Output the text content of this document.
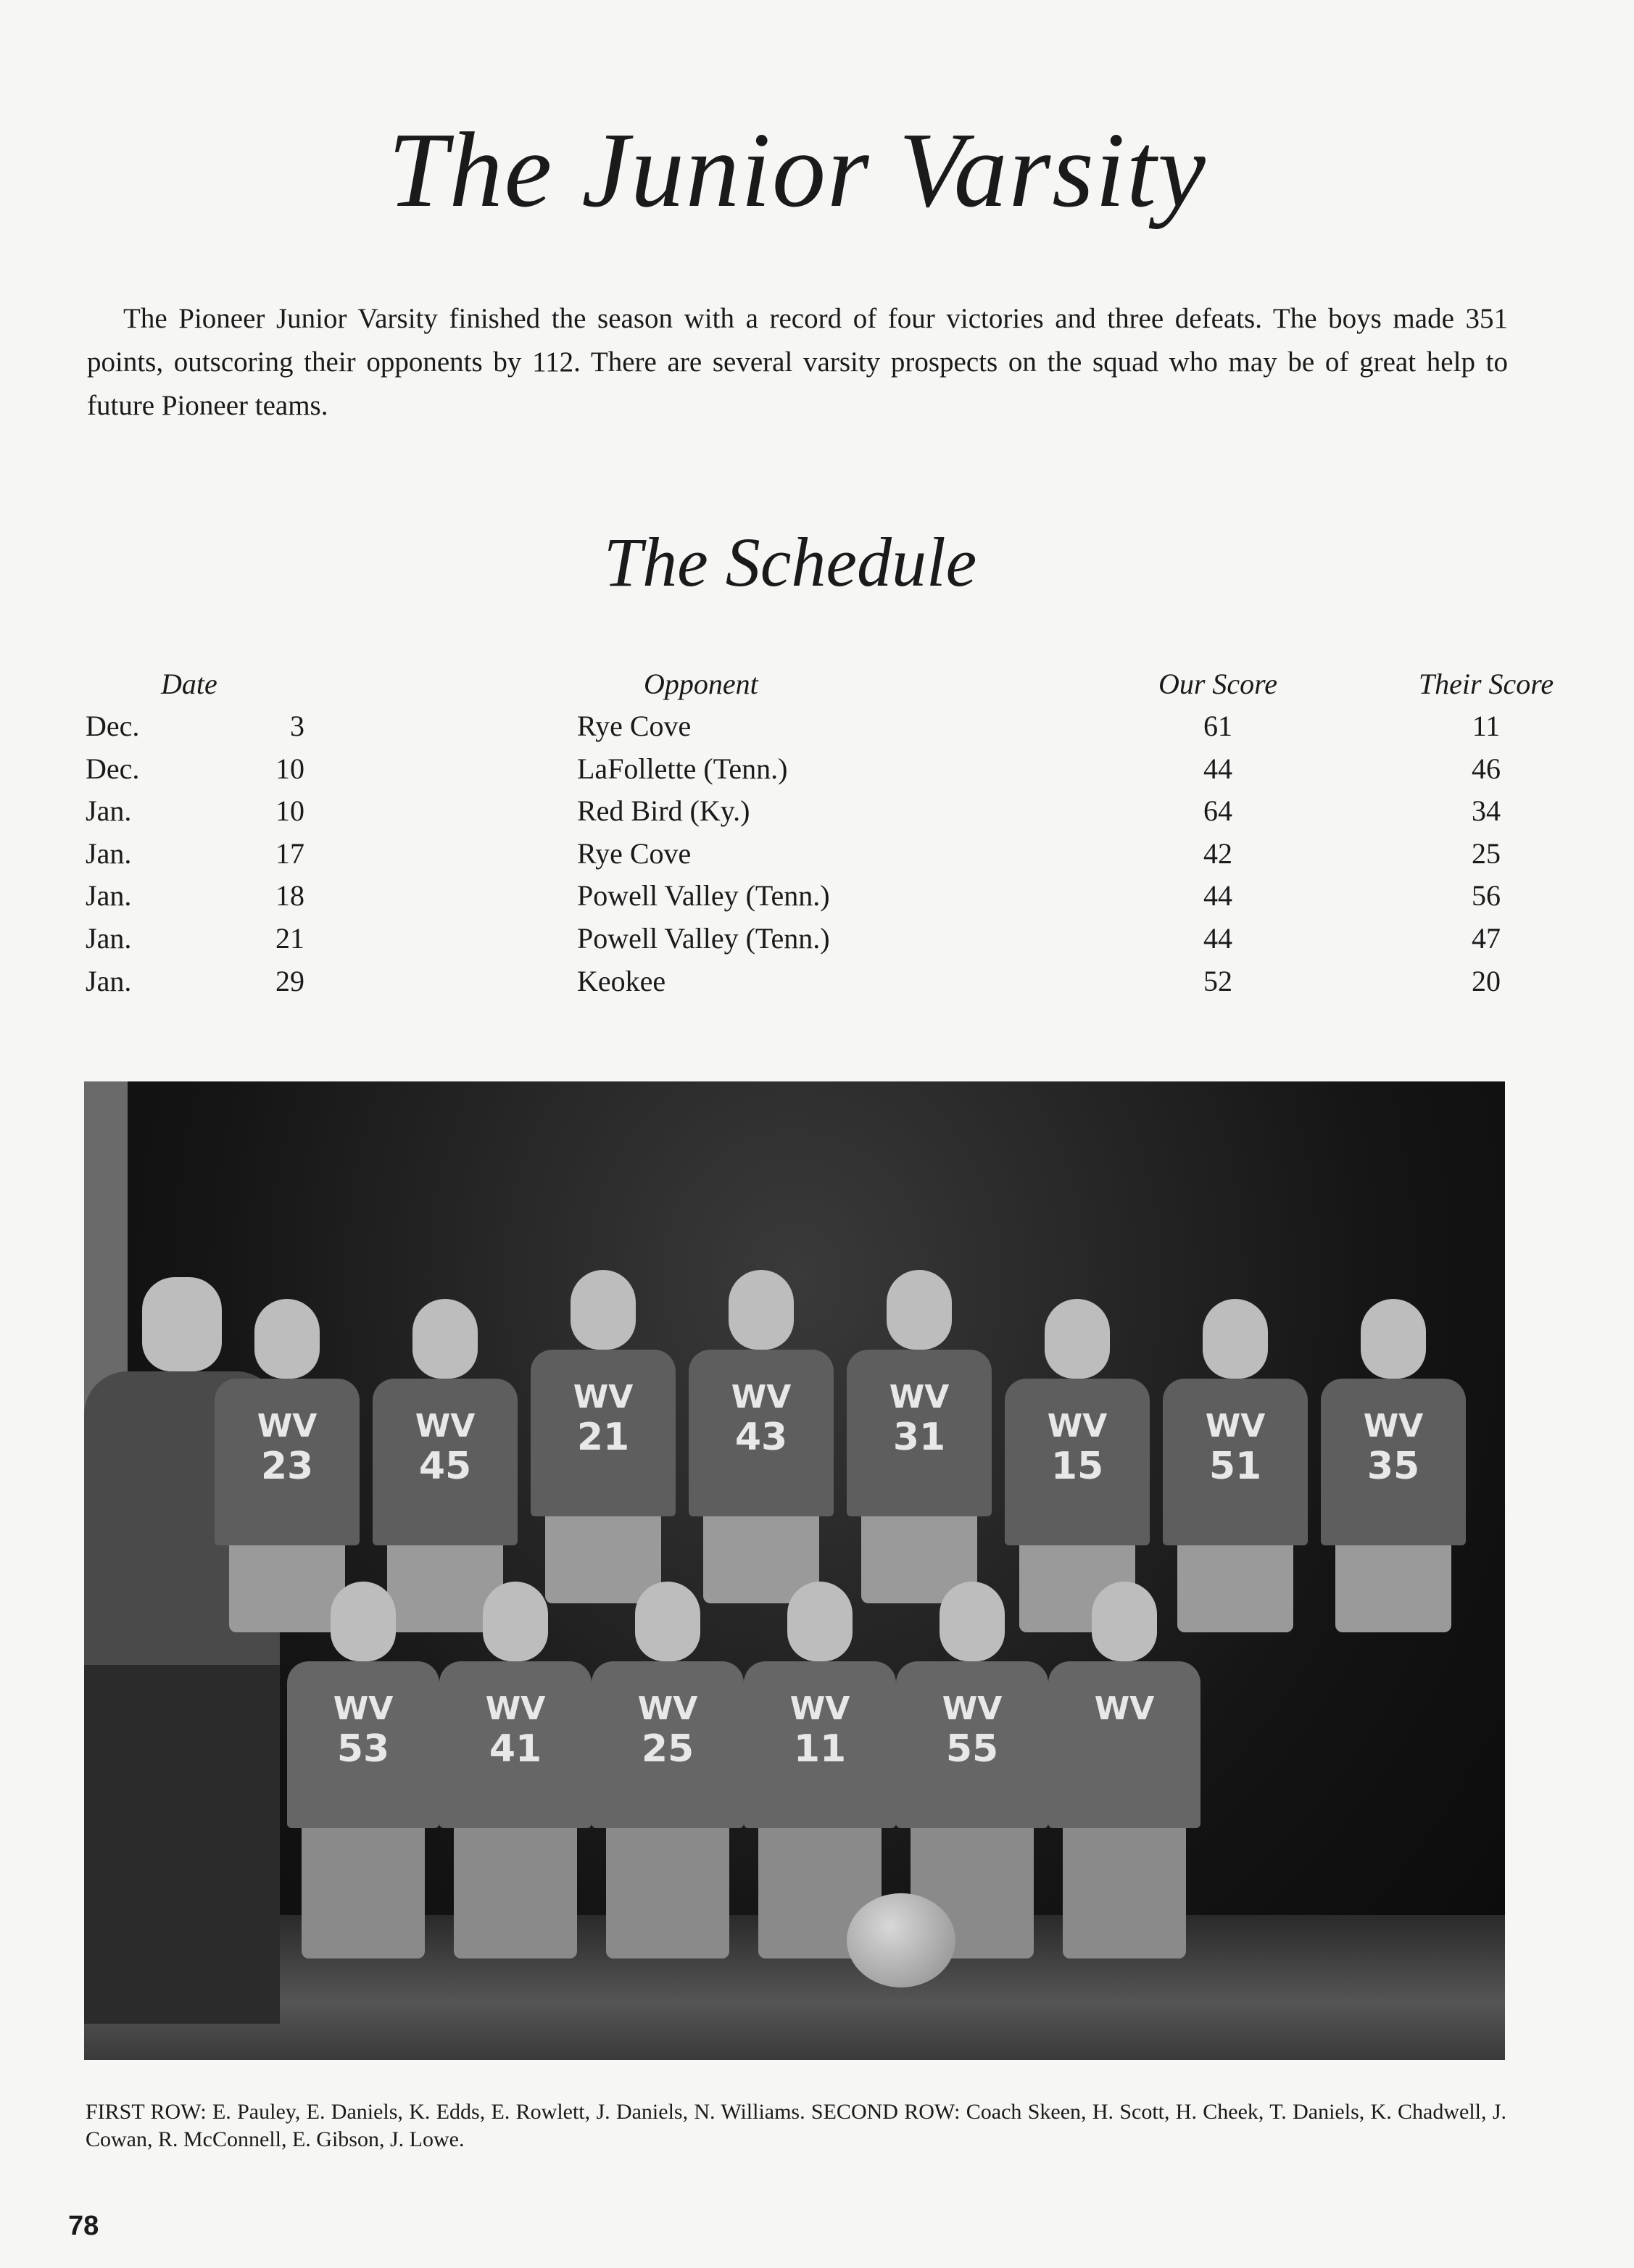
The Junior Varsity

The Pioneer Junior Varsity finished the season with a record of four victories and three defeats. The boys made 351 points, outscoring their opponents by 112. There are several varsity prospects on the squad who may be of great help to future Pioneer teams.

The Schedule
Date	Opponent	Our Score	Their Score
Dec.	3	Rye Cove	61	11
Dec.	10	LaFollette (Tenn.)	44	46
Jan.	10	Red Bird (Ky.)	64	34
Jan.	17	Rye Cove	42	25
Jan.	18	Powell Valley (Tenn.)	44	56
Jan.	21	Powell Valley (Tenn.)	44	47
Jan.	29	Keokee	52	20
WV
23
WV
45
WV
21
WV
43
WV
31	WV
15
WV
51
WV
35
WV
53
WV
41
WV
25
WV
11
WV
55
WV

FIRST ROW: E. Pauley, E. Daniels, K. Edds, E. Rowlett, J. Daniels, N. Williams. SECOND ROW: Coach Skeen, H. Scott, H. Cheek, T. Daniels, K. Chadwell, J. Cowan, R. McConnell, E. Gibson, J. Lowe.

78
